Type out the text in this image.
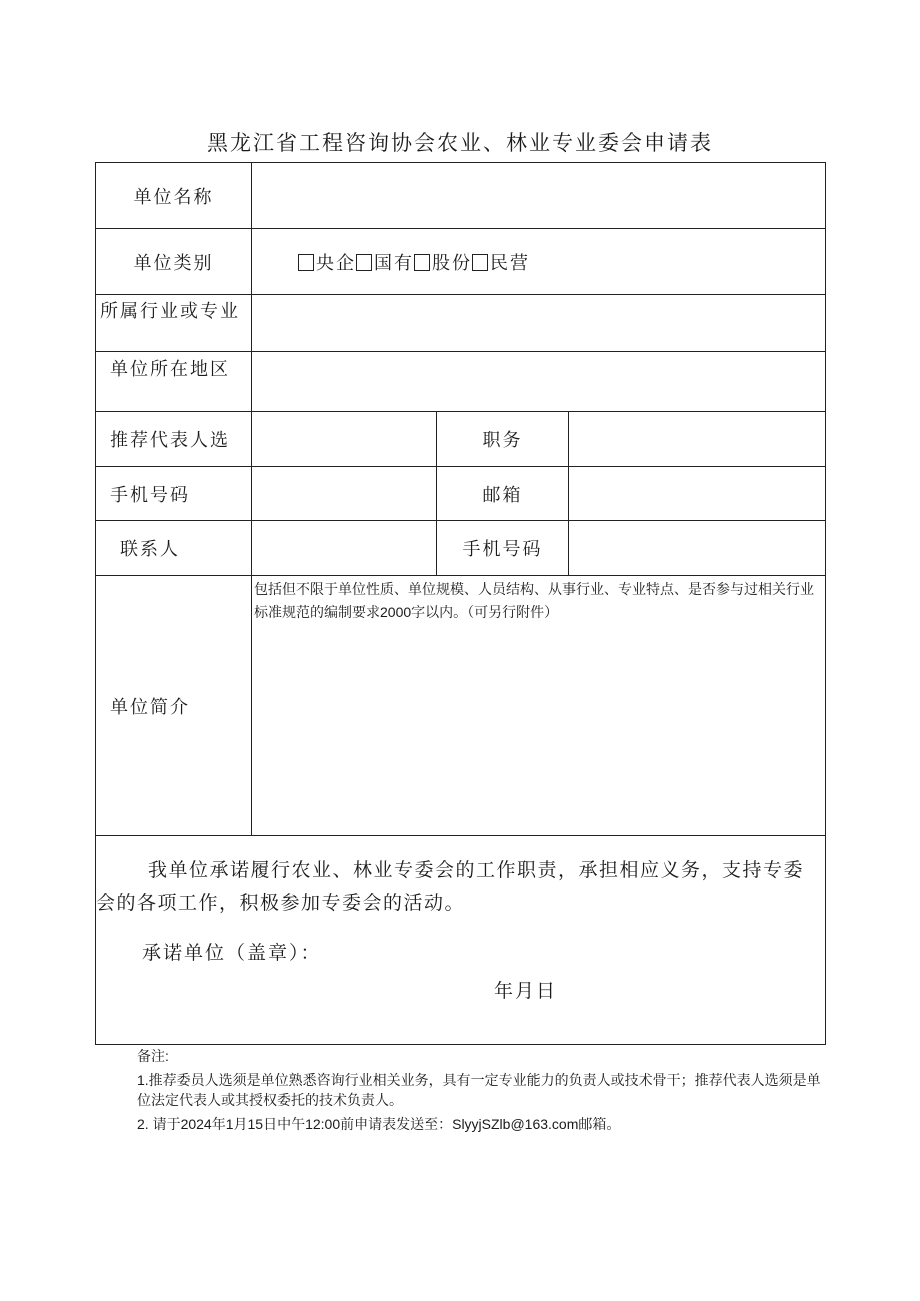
黑龙江省工程咨询协会农业、林业专业委会申请表
单位名称			
单位类别	央企 国有 股份 民营		
所属行业或专业			
单位所在地区			
推荐代表人选		职务	
手机号码		邮箱	
联系人		手机号码	
单位简介	包括但不限于单位性质、单位规模、人员结构、从事行业、专业特点、是否参与过相关行业标准规范的编制要求2000字以内。（可另行附件）		

我单位承诺履行农业、林业专委会的工作职责，承担相应义务，支持专委会的各项工作，积极参加专委会的活动。
承诺单位（盖章）：
年月日			
备注:
1.推荐委员人选须是单位熟悉咨询行业相关业务，具有一定专业能力的负责人或技术骨干；推荐代表人选须是单位法定代表人或其授权委托的技术负责人。
2. 请于2024年1月15日中午12:00前申请表发送至：SlyyjSZlb@163.com邮箱。
